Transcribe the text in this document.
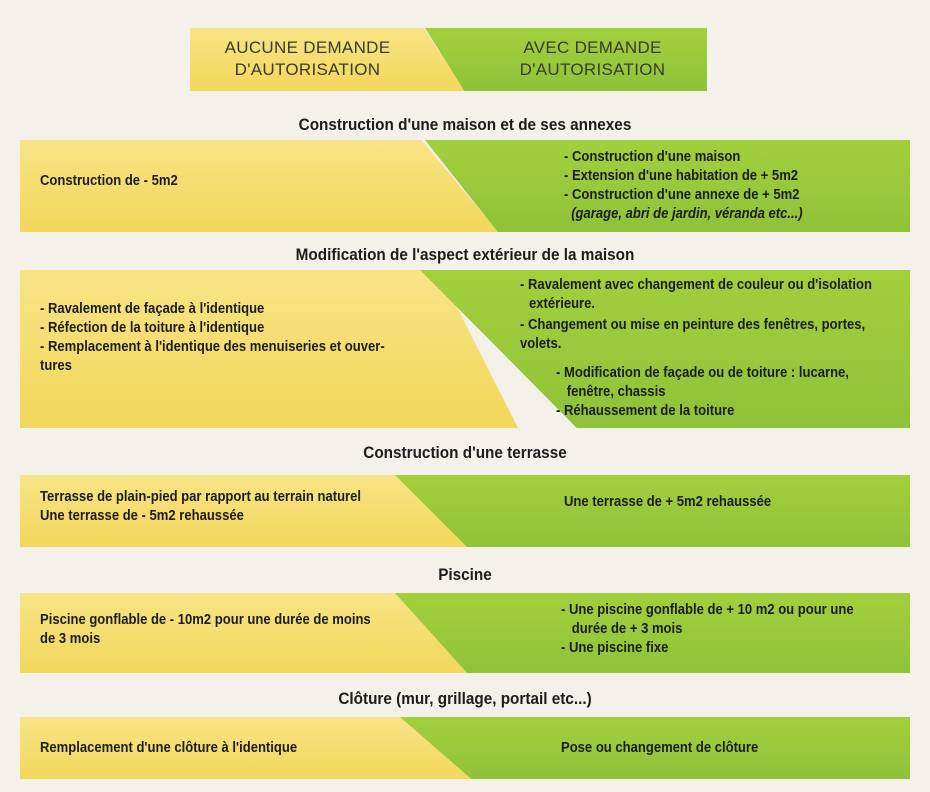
AUCUNE DEMANDE
D'AUTORISATION
AVEC DEMANDE
D'AUTORISATION
Construction d'une maison et de ses annexes
Construction de - 5m2
- Construction d'une maison
- Extension d'une habitation de + 5m2
- Construction d'une annexe de + 5m2
(garage, abri de jardin, véranda etc...)
Modification de l'aspect extérieur de la maison
- Ravalement de façade à l'identique
- Réfection de la toiture à l'identique
- Remplacement à l'identique des menuiseries et ouver-
tures
- Ravalement avec changement de couleur ou d'isolation
extérieure.
- Changement ou mise en peinture des fenêtres, portes,
volets.
- Modification de façade ou de toiture : lucarne,
fenêtre, chassis
- Réhaussement de la toiture
Construction d'une terrasse
Terrasse de plain-pied par rapport au terrain naturel
Une terrasse de - 5m2 rehaussée
Une terrasse de + 5m2 rehaussée
Piscine
Piscine gonflable de - 10m2 pour une durée de moins
de 3 mois
- Une piscine gonflable de + 10 m2 ou pour une
durée de + 3 mois
- Une piscine fixe
Clôture (mur, grillage, portail etc...)
Remplacement d'une clôture à l'identique	Pose ou changement de clôture
